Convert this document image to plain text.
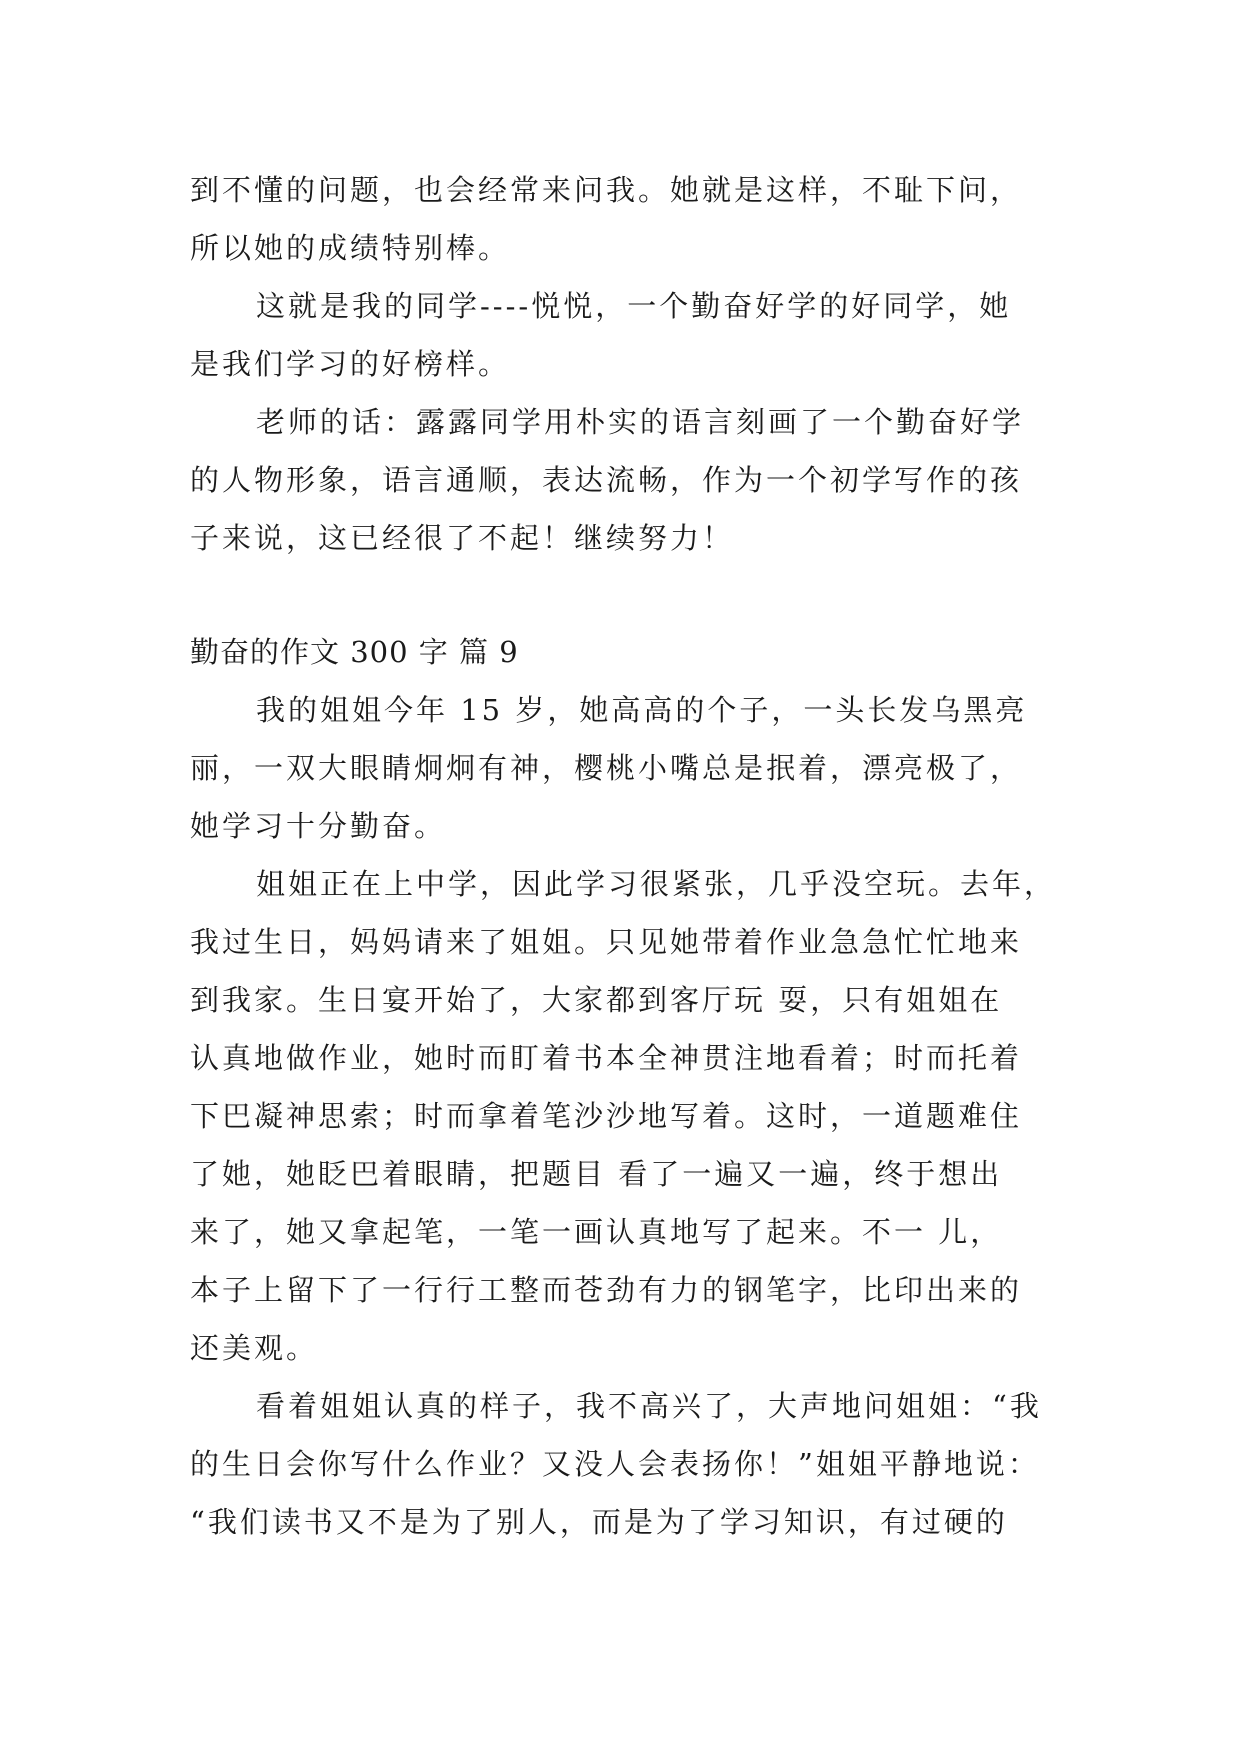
到不懂的问题，也会经常来问我。她就是这样，不耻下问，
所以她的成绩特别棒。
这就是我的同学----悦悦，一个勤奋好学的好同学，她
是我们学习的好榜样。
老师的话：露露同学用朴实的语言刻画了一个勤奋好学
的人物形象，语言通顺，表达流畅，作为一个初学写作的孩
子来说，这已经很了不起！继续努力！
勤奋的作文 300 字 篇 9
我的姐姐今年 15 岁，她高高的个子，一头长发乌黑亮
丽，一双大眼睛炯炯有神，樱桃小嘴总是抿着，漂亮极了，
她学习十分勤奋。
姐姐正在上中学，因此学习很紧张，几乎没空玩。去年，
我过生日，妈妈请来了姐姐。只见她带着作业急急忙忙地来
到我家。生日宴开始了，大家都到客厅玩 耍，只有姐姐在
认真地做作业，她时而盯着书本全神贯注地看着；时而托着
下巴凝神思索；时而拿着笔沙沙地写着。这时，一道题难住
了她，她眨巴着眼睛，把题目 看了一遍又一遍，终于想出
来了，她又拿起笔，一笔一画认真地写了起来。不一 儿，
本子上留下了一行行工整而苍劲有力的钢笔字，比印出来的
还美观。
看着姐姐认真的样子，我不高兴了，大声地问姐姐：“我
的生日会你写什么作业？又没人会表扬你！”姐姐平静地说：
“我们读书又不是为了别人，而是为了学习知识，有过硬的
